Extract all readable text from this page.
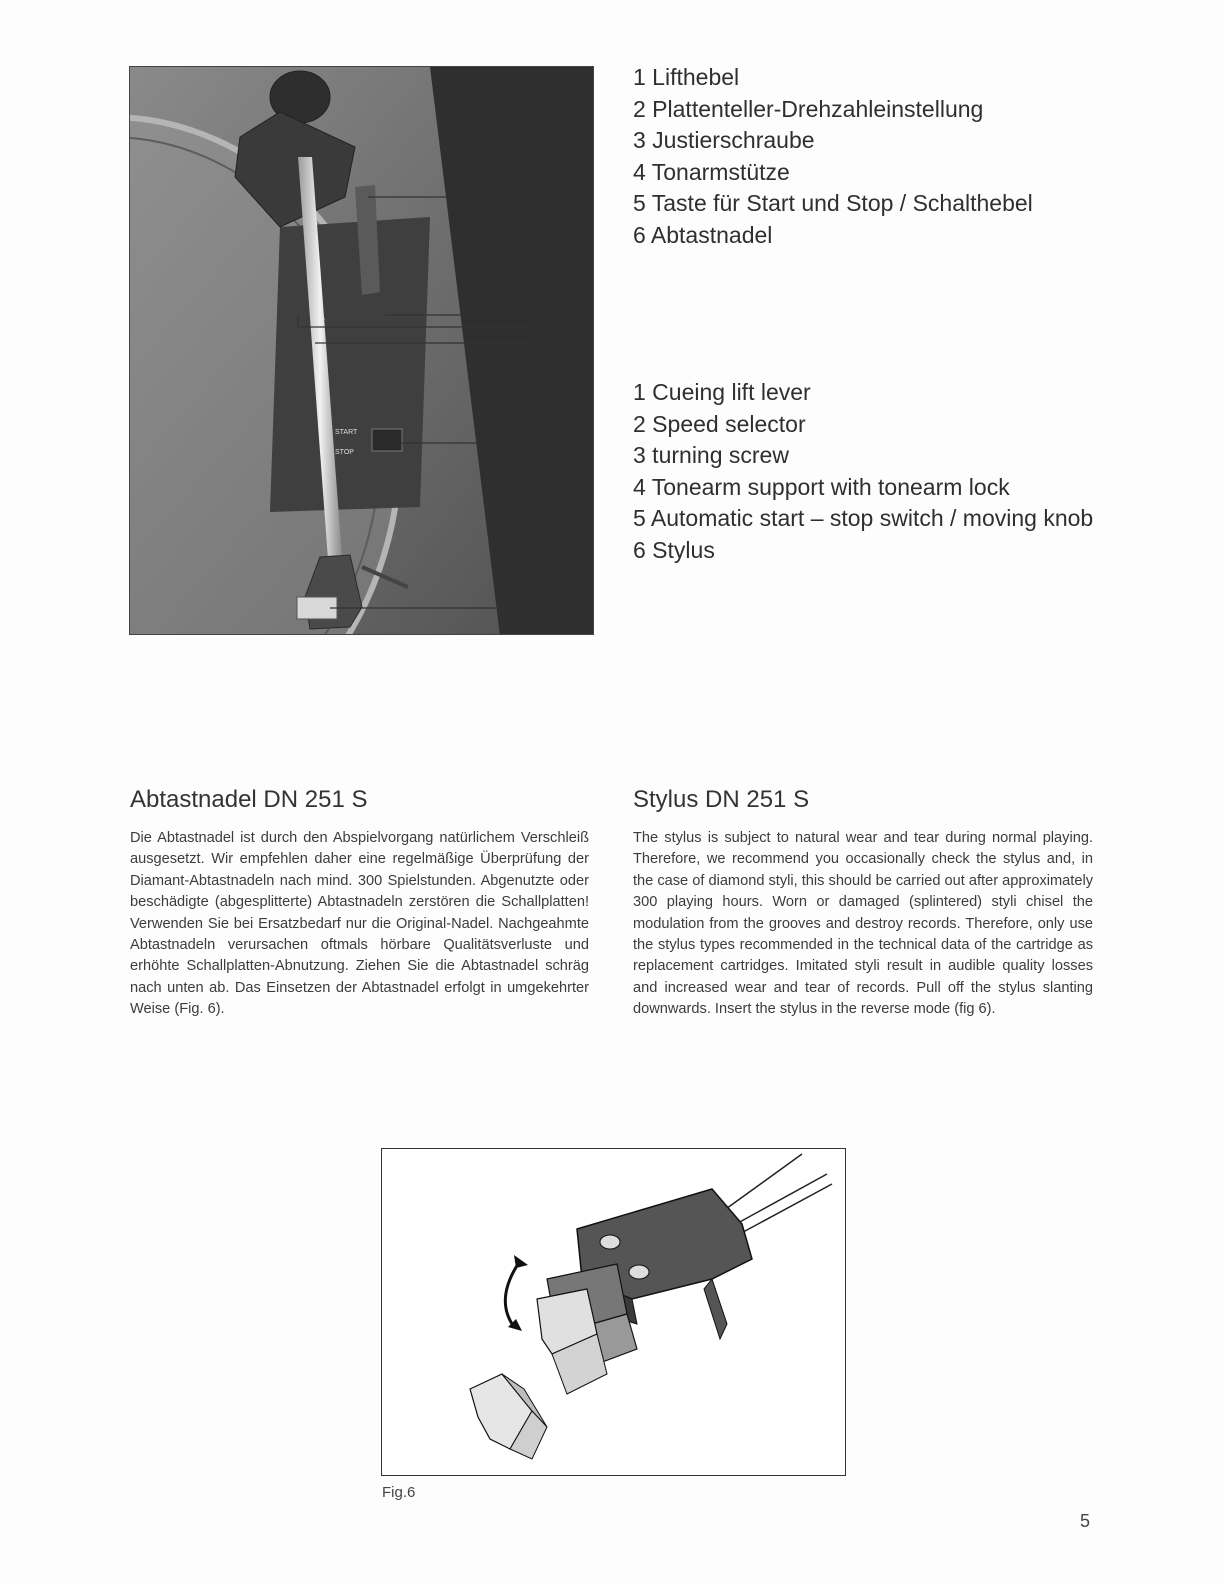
START
STOP
1 Lifthebel
2 Plattenteller-Drehzahleinstellung
3 Justierschraube
4 Tonarmstütze
5 Taste für Start und Stop / Schalthebel
6 Abtastnadel
1 Cueing lift lever
2 Speed selector
3 turning screw
4 Tonearm support with tonearm lock
5 Automatic start – stop switch / moving knob
6 Stylus
Abtastnadel DN 251 S

Die Abtastnadel ist durch den Abspielvorgang natürlichem Verschleiß ausgesetzt. Wir empfehlen daher eine regelmäßige Überprüfung der Diamant-Abtastnadeln nach mind. 300 Spielstunden. Abgenutzte oder beschädigte (abgesplitterte) Abtastnadeln zerstören die Schallplatten! Verwenden Sie bei Ersatzbedarf nur die Original-Nadel. Nachgeahmte Abtastnadeln verursachen oftmals hörbare Qualitätsverluste und erhöhte Schallplatten-Abnutzung. Ziehen Sie die Abtastnadel schräg nach unten ab. Das Einsetzen der Abtastnadel erfolgt in umgekehrter Weise (Fig. 6).

Stylus DN 251 S

The stylus is subject to natural wear and tear during normal playing. Therefore, we recommend you occasionally check the stylus and, in the case of diamond styli, this should be carried out after approximately 300 playing hours. Worn or damaged (splintered) styli chisel the modulation from the grooves and destroy records. Therefore, only use the stylus types recommended in the technical data of the cartridge as replacement cartridges. Imitated styli result in audible quality losses and increased wear and tear of records. Pull off the stylus slanting downwards. Insert the stylus in the reverse mode (fig 6).

Fig.6
5
